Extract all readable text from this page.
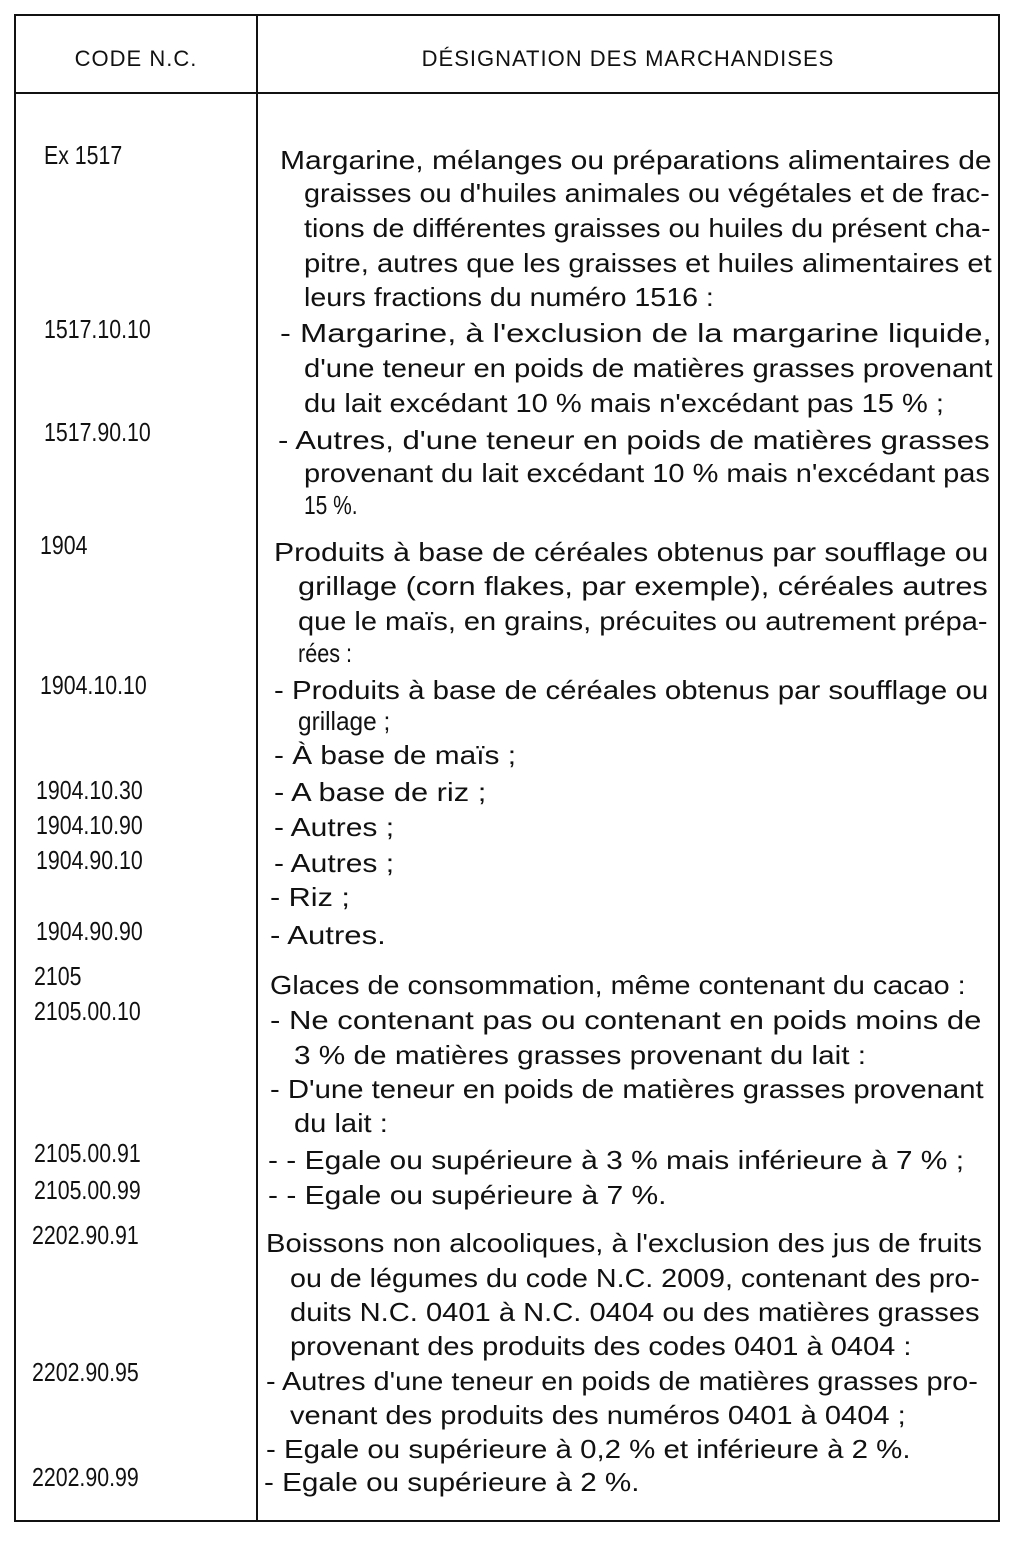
CODE N.C.	DÉSIGNATION DES MARCHANDISES
Ex 1517
1517.10.10
1517.90.10
1904
1904.10.10
1904.10.30
1904.10.90
1904.90.10
1904.90.90
2105
2105.00.10
2105.00.91
2105.00.99
2202.90.91
2202.90.95
2202.90.99
Margarine, mélanges ou préparations alimentaires de
graisses ou d'huiles animales ou végétales et de frac-
tions de différentes graisses ou huiles du présent cha-
pitre, autres que les graisses et huiles alimentaires et
leurs fractions du numéro 1516 :
- Margarine, à l'exclusion de la margarine liquide,
d'une teneur en poids de matières grasses provenant
du lait excédant 10 % mais n'excédant pas 15 % ;
- Autres, d'une teneur en poids de matières grasses
provenant du lait excédant 10 % mais n'excédant pas
15 %.
Produits à base de céréales obtenus par soufflage ou
grillage (corn flakes, par exemple), céréales autres
que le maïs, en grains, précuites ou autrement prépa-
rées :
- Produits à base de céréales obtenus par soufflage ou
grillage ;
- À base de maïs ;
- A base de riz ;
- Autres ;
- Autres ;
- Riz ;
- Autres.
Glaces de consommation, même contenant du cacao :
- Ne contenant pas ou contenant en poids moins de
3 % de matières grasses provenant du lait :
- D'une teneur en poids de matières grasses provenant
du lait :
- - Egale ou supérieure à 3 % mais inférieure à 7 % ;
- - Egale ou supérieure à 7 %.
Boissons non alcooliques, à l'exclusion des jus de fruits
ou de légumes du code N.C. 2009, contenant des pro-
duits N.C. 0401 à N.C. 0404 ou des matières grasses
provenant des produits des codes 0401 à 0404 :
- Autres d'une teneur en poids de matières grasses pro-
venant des produits des numéros 0401 à 0404 ;
- Egale ou supérieure à 0,2 % et inférieure à 2 %.
- Egale ou supérieure à 2 %.
